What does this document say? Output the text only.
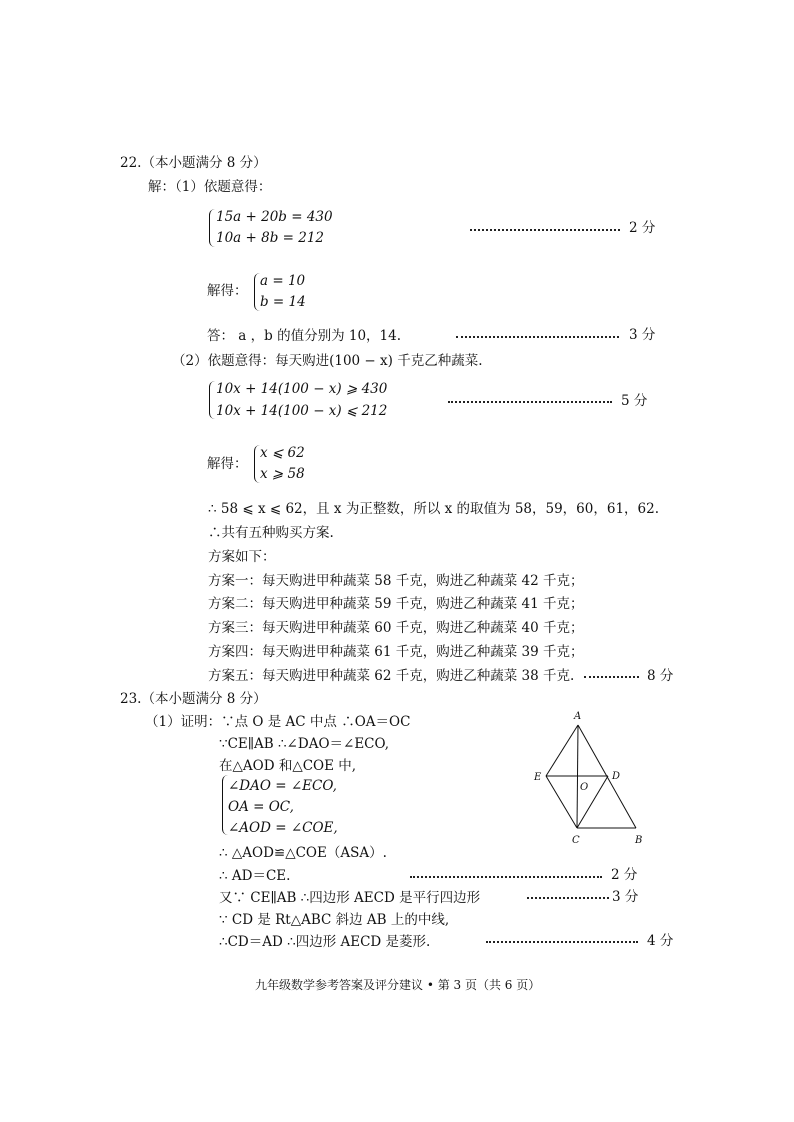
22.（本小题满分 8 分）
解：（1）依题意得：
15a + 20b = 430
10a + 8b = 212
2 分
解得：
a = 10
b = 14
答： a ，b 的值分别为 10，14.	3 分
（2）依题意得：每天购进(100 − x) 千克乙种蔬菜.
10x + 14(100 − x) ⩾ 430
10x + 14(100 − x) ⩽ 212
5 分
解得：
x ⩽ 62
x ⩾ 58
∴ 58 ⩽ x ⩽ 62，且 x 为正整数，所以 x 的取值为 58，59，60，61，62.
∴共有五种购买方案.
方案如下：
方案一：每天购进甲种蔬菜 58 千克，购进乙种蔬菜 42 千克；
方案二：每天购进甲种蔬菜 59 千克，购进乙种蔬菜 41 千克；
方案三：每天购进甲种蔬菜 60 千克，购进乙种蔬菜 40 千克；
方案四：每天购进甲种蔬菜 61 千克，购进乙种蔬菜 39 千克；
方案五：每天购进甲种蔬菜 62 千克，购进乙种蔬菜 38 千克.	8 分
23.（本小题满分 8 分）
（1）证明：∵点 O 是 AC 中点 ∴OA＝OC
∵CE∥AB ∴∠DAO＝∠ECO,
在△AOD 和△COE 中,
∠DAO = ∠ECO,
OA = OC,
∠AOD = ∠COE,
∴ △AOD≌△COE（ASA）.
∴ AD＝CE.	2 分
又∵ CE∥AB ∴四边形 AECD 是平行四边形	3 分
∵ CD 是 Rt△ABC 斜边 AB 上的中线,
∴CD＝AD ∴四边形 AECD 是菱形.	4 分
A
E	D
O
C	B
九年级数学参考答案及评分建议 • 第 3 页（共 6 页）
